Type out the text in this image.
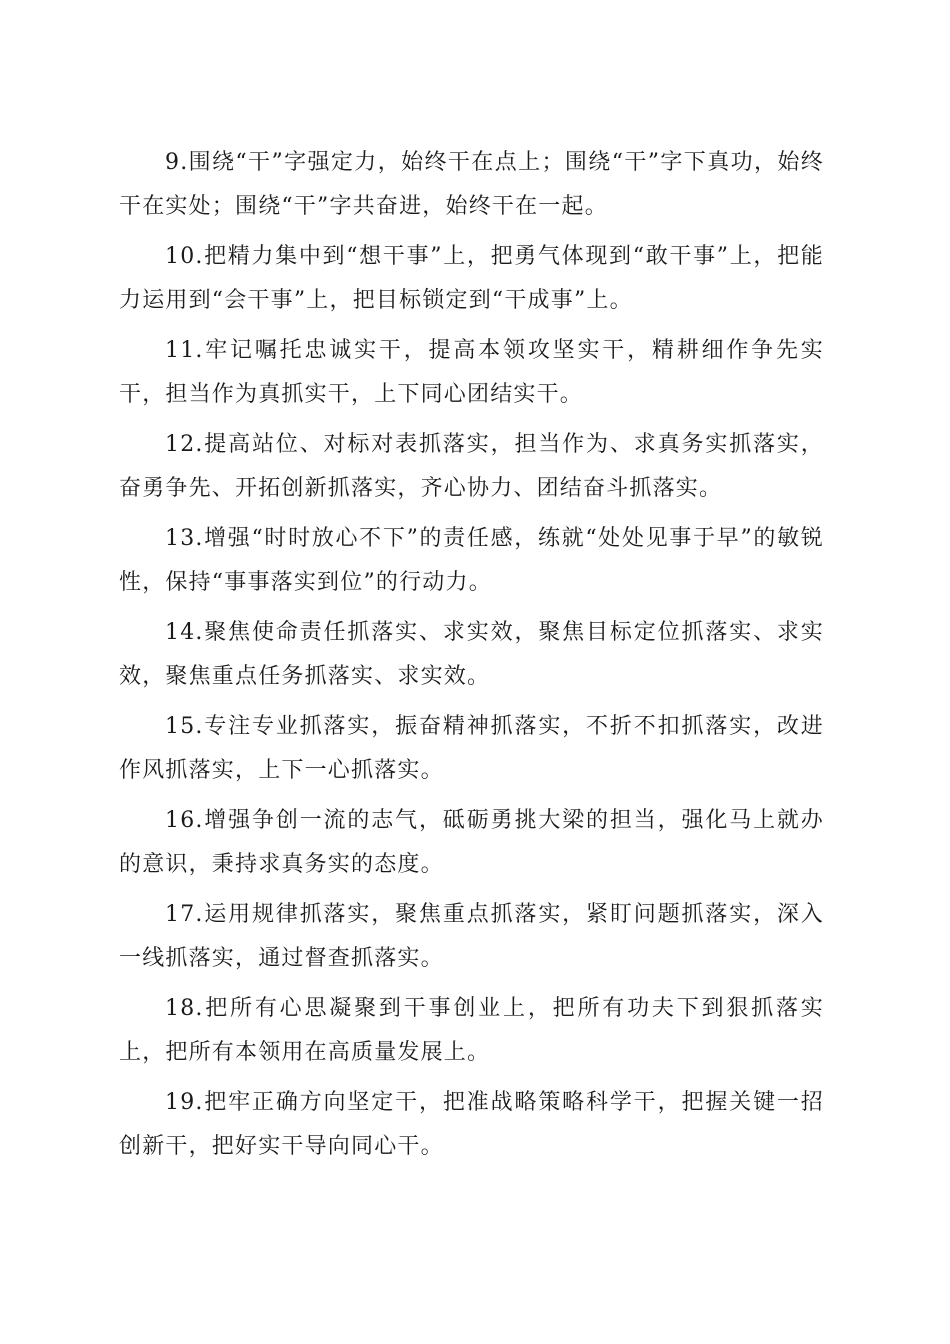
9.围绕“干”字强定力，始终干在点上；围绕“干”字下真功，始终干在实处；围绕“干”字共奋进，始终干在一起。

10.把精力集中到“想干事”上，把勇气体现到“敢干事”上，把能力运用到“会干事”上，把目标锁定到“干成事”上。

11.牢记嘱托忠诚实干，提高本领攻坚实干，精耕细作争先实干，担当作为真抓实干，上下同心团结实干。

12.提高站位、对标对表抓落实，担当作为、求真务实抓落实，奋勇争先、开拓创新抓落实，齐心协力、团结奋斗抓落实。

13.增强“时时放心不下”的责任感，练就“处处见事于早”的敏锐性，保持“事事落实到位”的行动力。

14.聚焦使命责任抓落实、求实效，聚焦目标定位抓落实、求实效，聚焦重点任务抓落实、求实效。

15.专注专业抓落实，振奋精神抓落实，不折不扣抓落实，改进作风抓落实，上下一心抓落实。

16.增强争创一流的志气，砥砺勇挑大梁的担当，强化马上就办的意识，秉持求真务实的态度。

17.运用规律抓落实，聚焦重点抓落实，紧盯问题抓落实，深入一线抓落实，通过督查抓落实。

18.把所有心思凝聚到干事创业上，把所有功夫下到狠抓落实上，把所有本领用在高质量发展上。

19.把牢正确方向坚定干，把准战略策略科学干，把握关键一招创新干，把好实干导向同心干。
